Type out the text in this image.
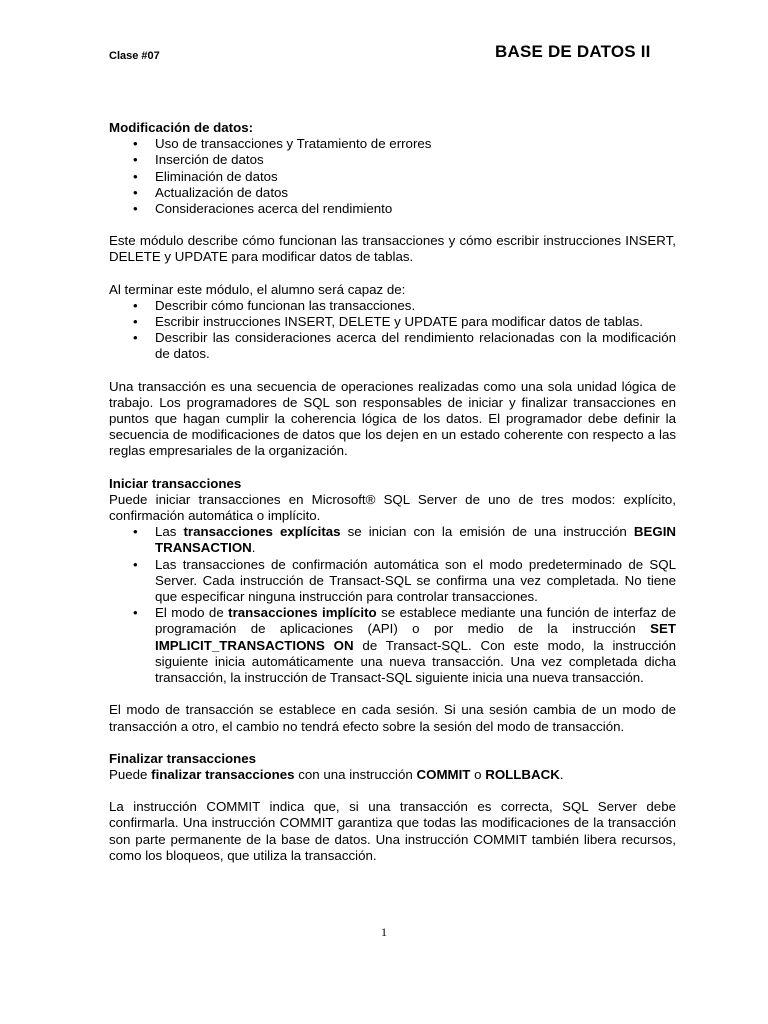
Clase #07	BASE DE DATOS II
Modificación de datos:
• Uso de transacciones y Tratamiento de errores
• Inserción de datos
• Eliminación de datos
• Actualización de datos
• Consideraciones acerca del rendimiento

Este módulo describe cómo funcionan las transacciones y cómo escribir instrucciones INSERT, DELETE y UPDATE para modificar datos de tablas.

Al terminar este módulo, el alumno será capaz de:
• Describir cómo funcionan las transacciones.
• Escribir instrucciones INSERT, DELETE y UPDATE para modificar datos de tablas.
• Describir las consideraciones acerca del rendimiento relacionadas con la modificación de datos.

Una transacción es una secuencia de operaciones realizadas como una sola unidad lógica de trabajo. Los programadores de SQL son responsables de iniciar y finalizar transacciones en puntos que hagan cumplir la coherencia lógica de los datos. El programador debe definir la secuencia de modificaciones de datos que los dejen en un estado coherente con respecto a las reglas empresariales de la organización.

Iniciar transacciones
Puede iniciar transacciones en Microsoft® SQL Server de uno de tres modos: explícito, confirmación automática o implícito.
• Las transacciones explícitas se inician con la emisión de una instrucción BEGIN TRANSACTION.
• Las transacciones de confirmación automática son el modo predeterminado de SQL Server. Cada instrucción de Transact-SQL se confirma una vez completada. No tiene que especificar ninguna instrucción para controlar transacciones.
• El modo de transacciones implícito se establece mediante una función de interfaz de programación de aplicaciones (API) o por medio de la instrucción SET IMPLICIT_TRANSACTIONS ON de Transact-SQL. Con este modo, la instrucción siguiente inicia automáticamente una nueva transacción. Una vez completada dicha transacción, la instrucción de Transact-SQL siguiente inicia una nueva transacción.

El modo de transacción se establece en cada sesión. Si una sesión cambia de un modo de transacción a otro, el cambio no tendrá efecto sobre la sesión del modo de transacción.

Finalizar transacciones

Puede finalizar transacciones con una instrucción COMMIT o ROLLBACK.

La instrucción COMMIT indica que, si una transacción es correcta, SQL Server debe confirmarla. Una instrucción COMMIT garantiza que todas las modificaciones de la transacción son parte permanente de la base de datos. Una instrucción COMMIT también libera recursos, como los bloqueos, que utiliza la transacción.

1
